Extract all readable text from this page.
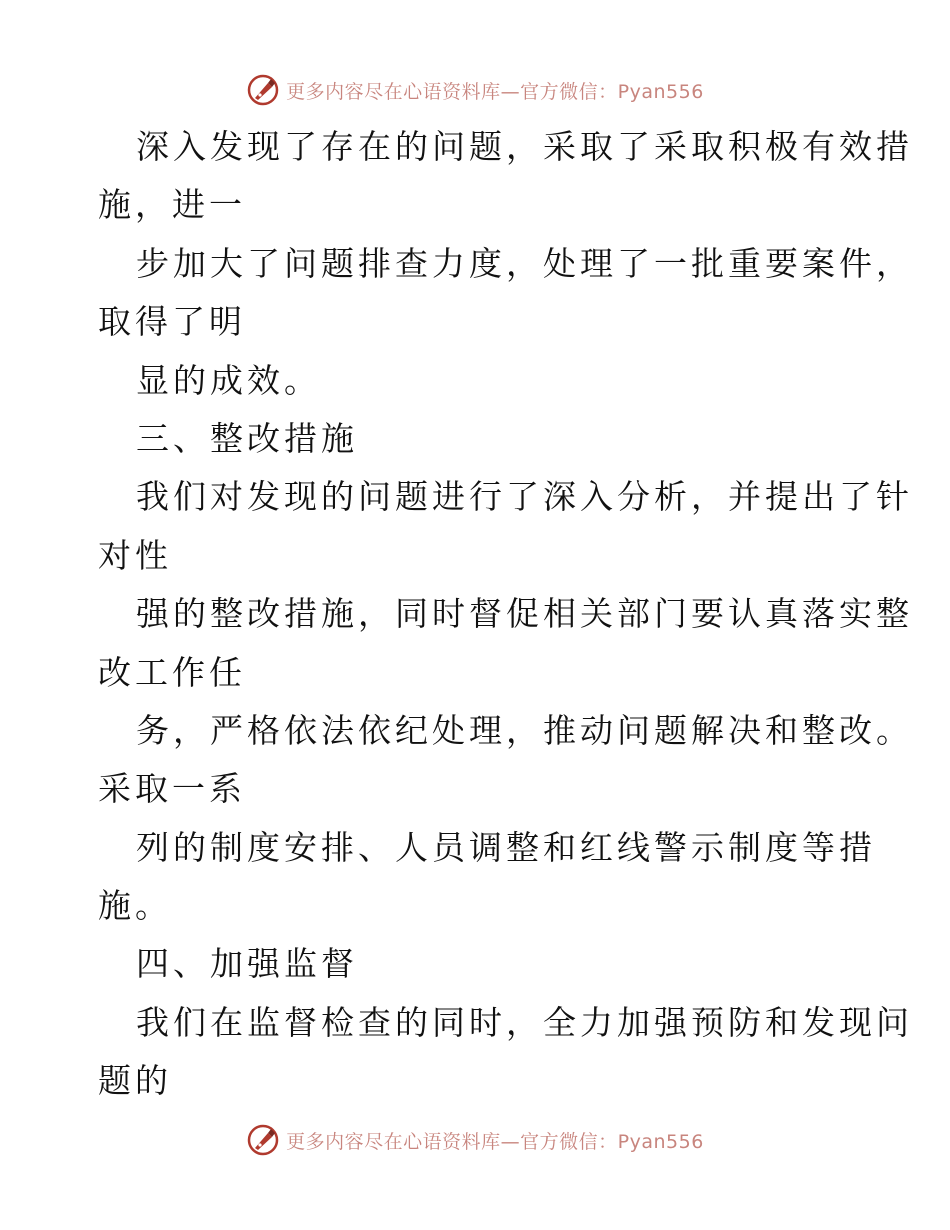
更多内容尽在心语资料库—官方微信：Pyan556

深入发现了存在的问题，采取了采取积极有效措

施，进一

步加大了问题排查力度，处理了一批重要案件，

取得了明

显的成效。

三、整改措施

我们对发现的问题进行了深入分析，并提出了针

对性

强的整改措施，同时督促相关部门要认真落实整

改工作任

务，严格依法依纪处理，推动问题解决和整改。

采取一系

列的制度安排、人员调整和红线警示制度等措

施。

四、加强监督

我们在监督检查的同时，全力加强预防和发现问

题的

更多内容尽在心语资料库—官方微信：Pyan556
